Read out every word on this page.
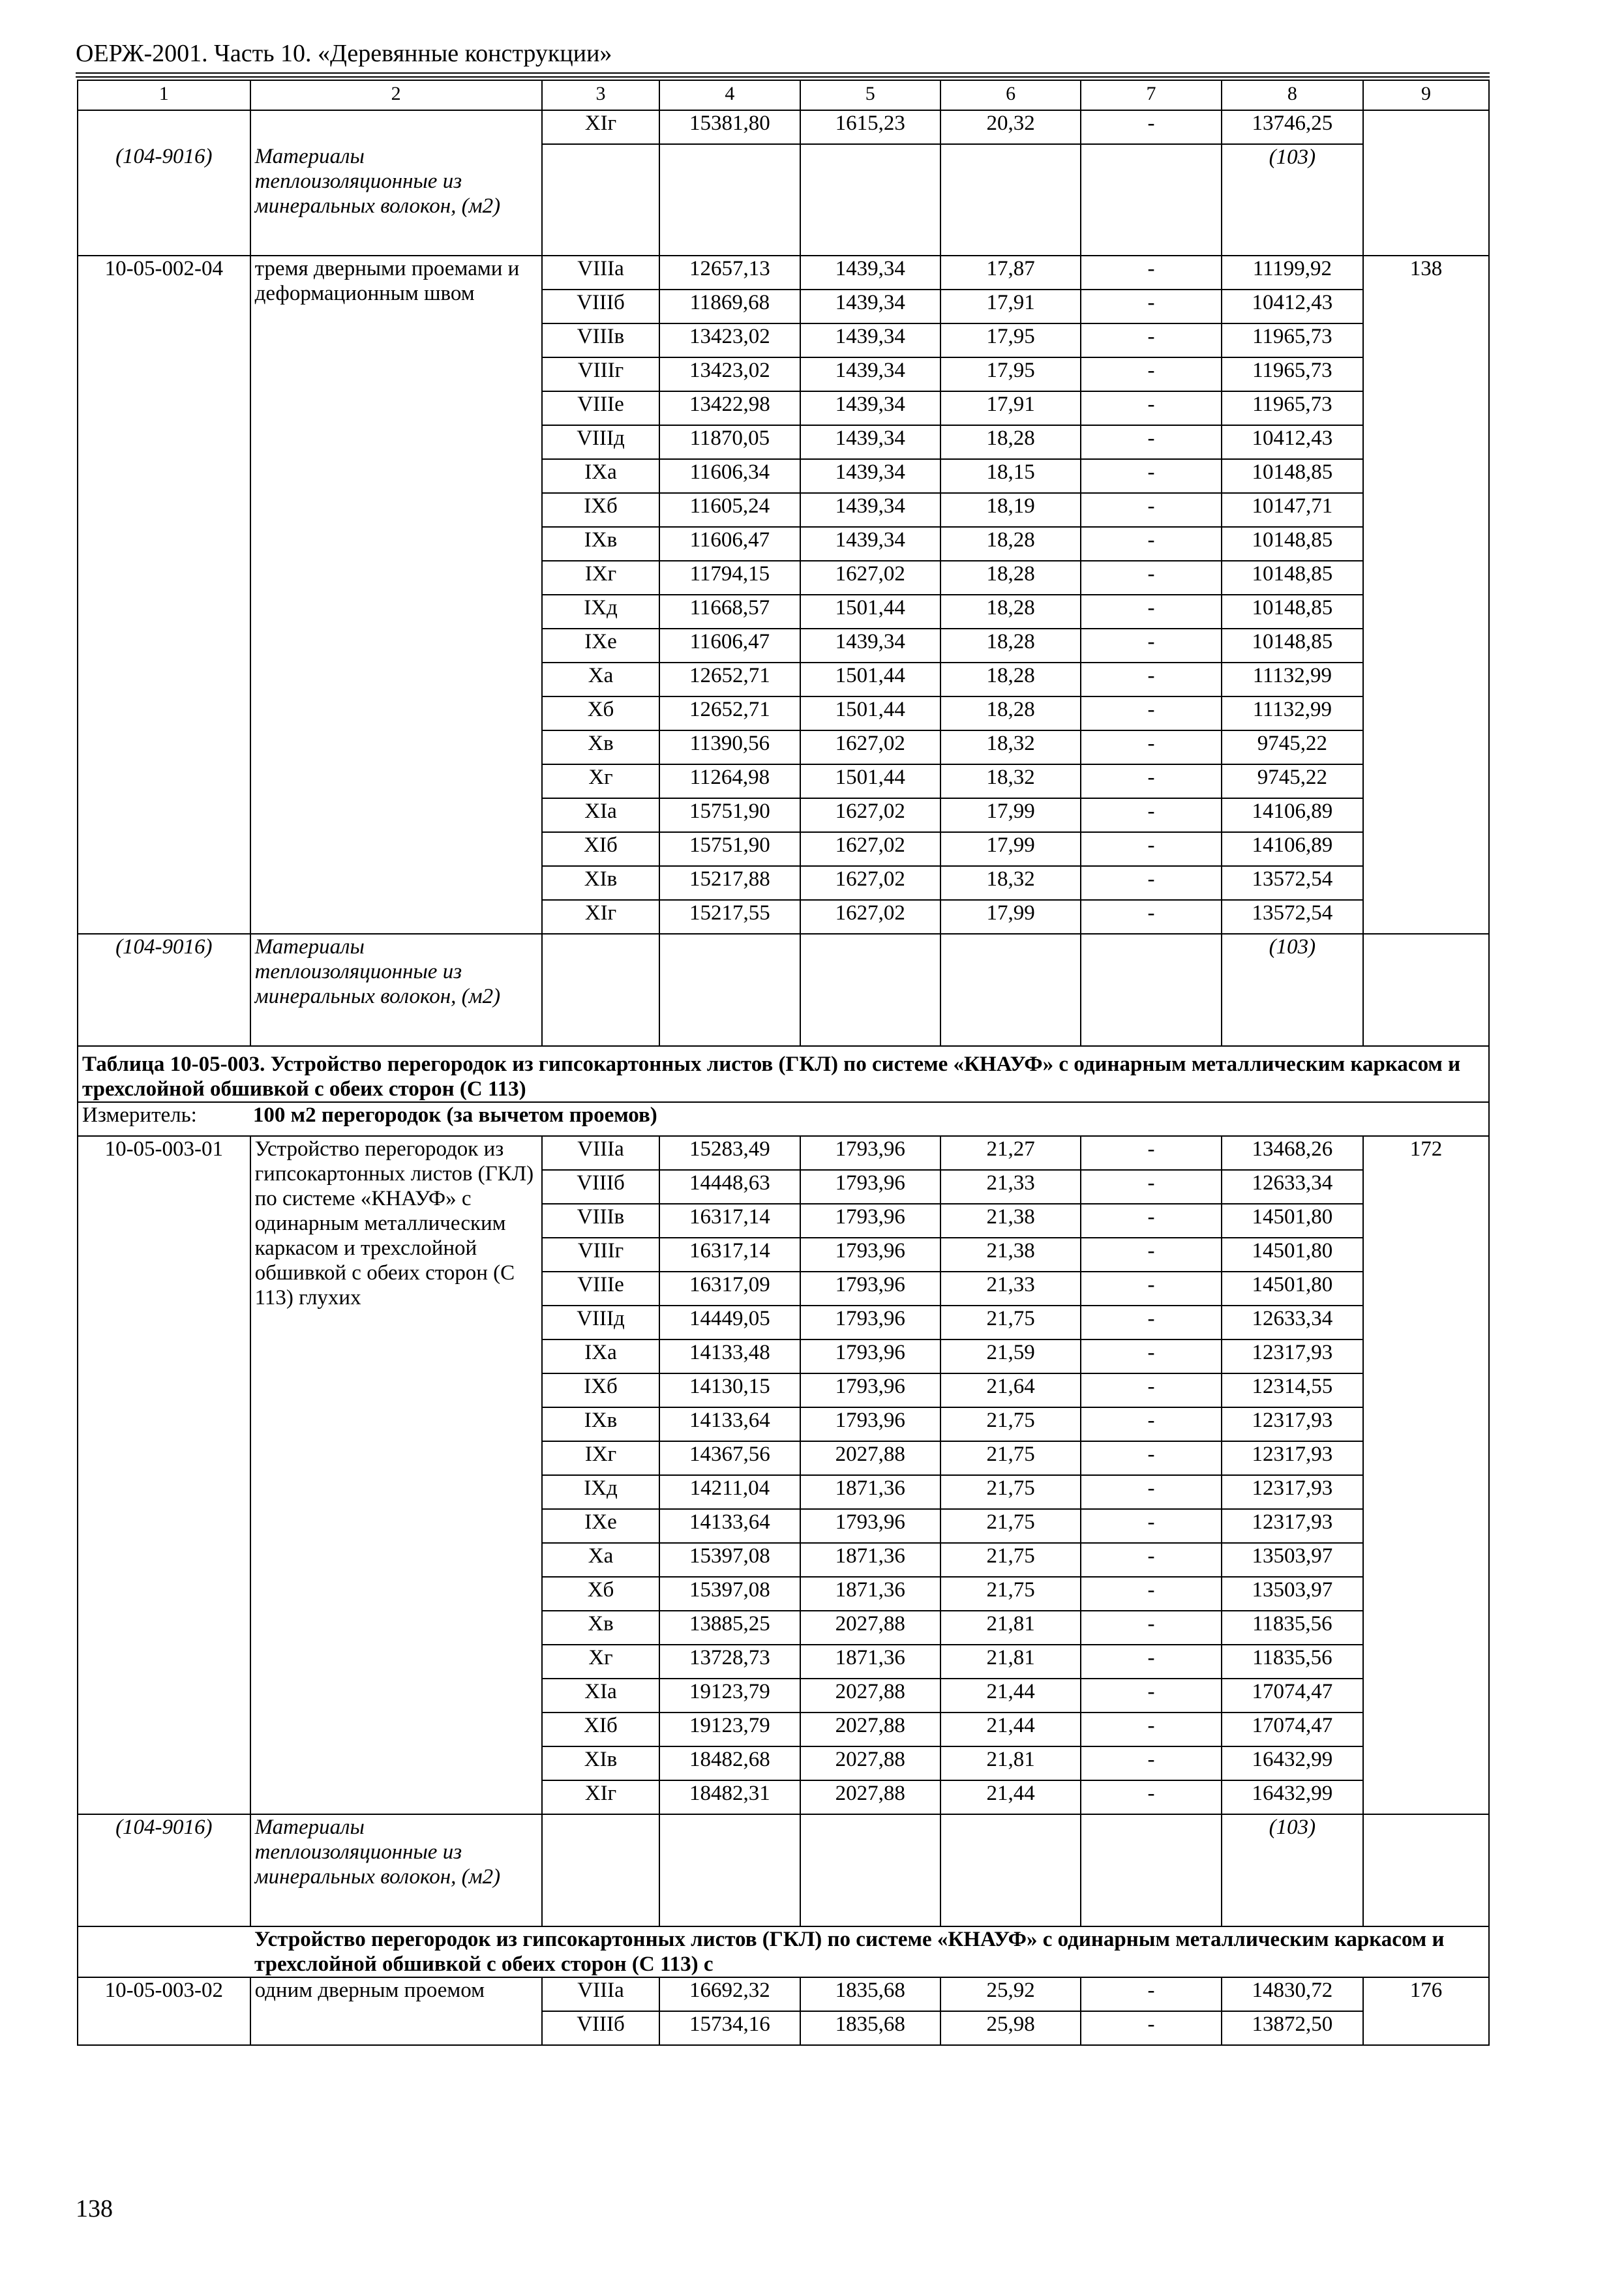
ОЕРЖ-2001. Часть 10. «Деревянные конструкции»
1	2	3	4	5	6	7	8	9
		XIг	15381,80	1615,23	20,32	-	13746,25	
(104-9016)	Материалы теплоизоляционные из минеральных волокон, (м2)						(103)	
10-05-002-04	тремя дверными проемами и деформационным швом	VIIIа	12657,13	1439,34	17,87	-	11199,92	138
		VIIIб	11869,68	1439,34	17,91	-	10412,43	
		VIIIв	13423,02	1439,34	17,95	-	11965,73	
		VIIIг	13423,02	1439,34	17,95	-	11965,73	
		VIIIе	13422,98	1439,34	17,91	-	11965,73	
		VIIIд	11870,05	1439,34	18,28	-	10412,43	
		IXа	11606,34	1439,34	18,15	-	10148,85	
		IXб	11605,24	1439,34	18,19	-	10147,71	
		IXв	11606,47	1439,34	18,28	-	10148,85	
		IXг	11794,15	1627,02	18,28	-	10148,85	
		IXд	11668,57	1501,44	18,28	-	10148,85	
		IXе	11606,47	1439,34	18,28	-	10148,85	
		Xа	12652,71	1501,44	18,28	-	11132,99	
		Xб	12652,71	1501,44	18,28	-	11132,99	
		Xв	11390,56	1627,02	18,32	-	9745,22	
		Xг	11264,98	1501,44	18,32	-	9745,22	
		XIа	15751,90	1627,02	17,99	-	14106,89	
		XIб	15751,90	1627,02	17,99	-	14106,89	
		XIв	15217,88	1627,02	18,32	-	13572,54	
		XIг	15217,55	1627,02	17,99	-	13572,54	
(104-9016)	Материалы теплоизоляционные из минеральных волокон, (м2)						(103)	
Таблица 10-05-003. Устройство перегородок из гипсокартонных листов (ГКЛ) по системе «КНАУФ» с одинарным металлическим каркасом и трехслойной обшивкой с обеих сторон (С 113)								
Измеритель: 100 м2 перегородок (за вычетом проемов)								
10-05-003-01	Устройство перегородок из гипсокартонных листов (ГКЛ) по системе «КНАУФ» с одинарным металлическим каркасом и трехслойной обшивкой с обеих сторон (С 113) глухих	VIIIа	15283,49	1793,96	21,27	-	13468,26	172
		VIIIб	14448,63	1793,96	21,33	-	12633,34	
		VIIIв	16317,14	1793,96	21,38	-	14501,80	
		VIIIг	16317,14	1793,96	21,38	-	14501,80	
		VIIIе	16317,09	1793,96	21,33	-	14501,80	
		VIIIд	14449,05	1793,96	21,75	-	12633,34	
		IXа	14133,48	1793,96	21,59	-	12317,93	
		IXб	14130,15	1793,96	21,64	-	12314,55	
		IXв	14133,64	1793,96	21,75	-	12317,93	
		IXг	14367,56	2027,88	21,75	-	12317,93	
		IXд	14211,04	1871,36	21,75	-	12317,93	
		IXе	14133,64	1793,96	21,75	-	12317,93	
		Xа	15397,08	1871,36	21,75	-	13503,97	
		Xб	15397,08	1871,36	21,75	-	13503,97	
		Xв	13885,25	2027,88	21,81	-	11835,56	
		Xг	13728,73	1871,36	21,81	-	11835,56	
		XIа	19123,79	2027,88	21,44	-	17074,47	
		XIб	19123,79	2027,88	21,44	-	17074,47	
		XIв	18482,68	2027,88	21,81	-	16432,99	
		XIг	18482,31	2027,88	21,44	-	16432,99	
(104-9016)	Материалы теплоизоляционные из минеральных волокон, (м2)						(103)	
Устройство перегородок из гипсокартонных листов (ГКЛ) по системе «КНАУФ» с одинарным металлическим каркасом и трехслойной обшивкой с обеих сторон (С 113) с								
10-05-003-02	одним дверным проемом	VIIIа	16692,32	1835,68	25,92	-	14830,72	176
		VIIIб	15734,16	1835,68	25,98	-	13872,50	
138
